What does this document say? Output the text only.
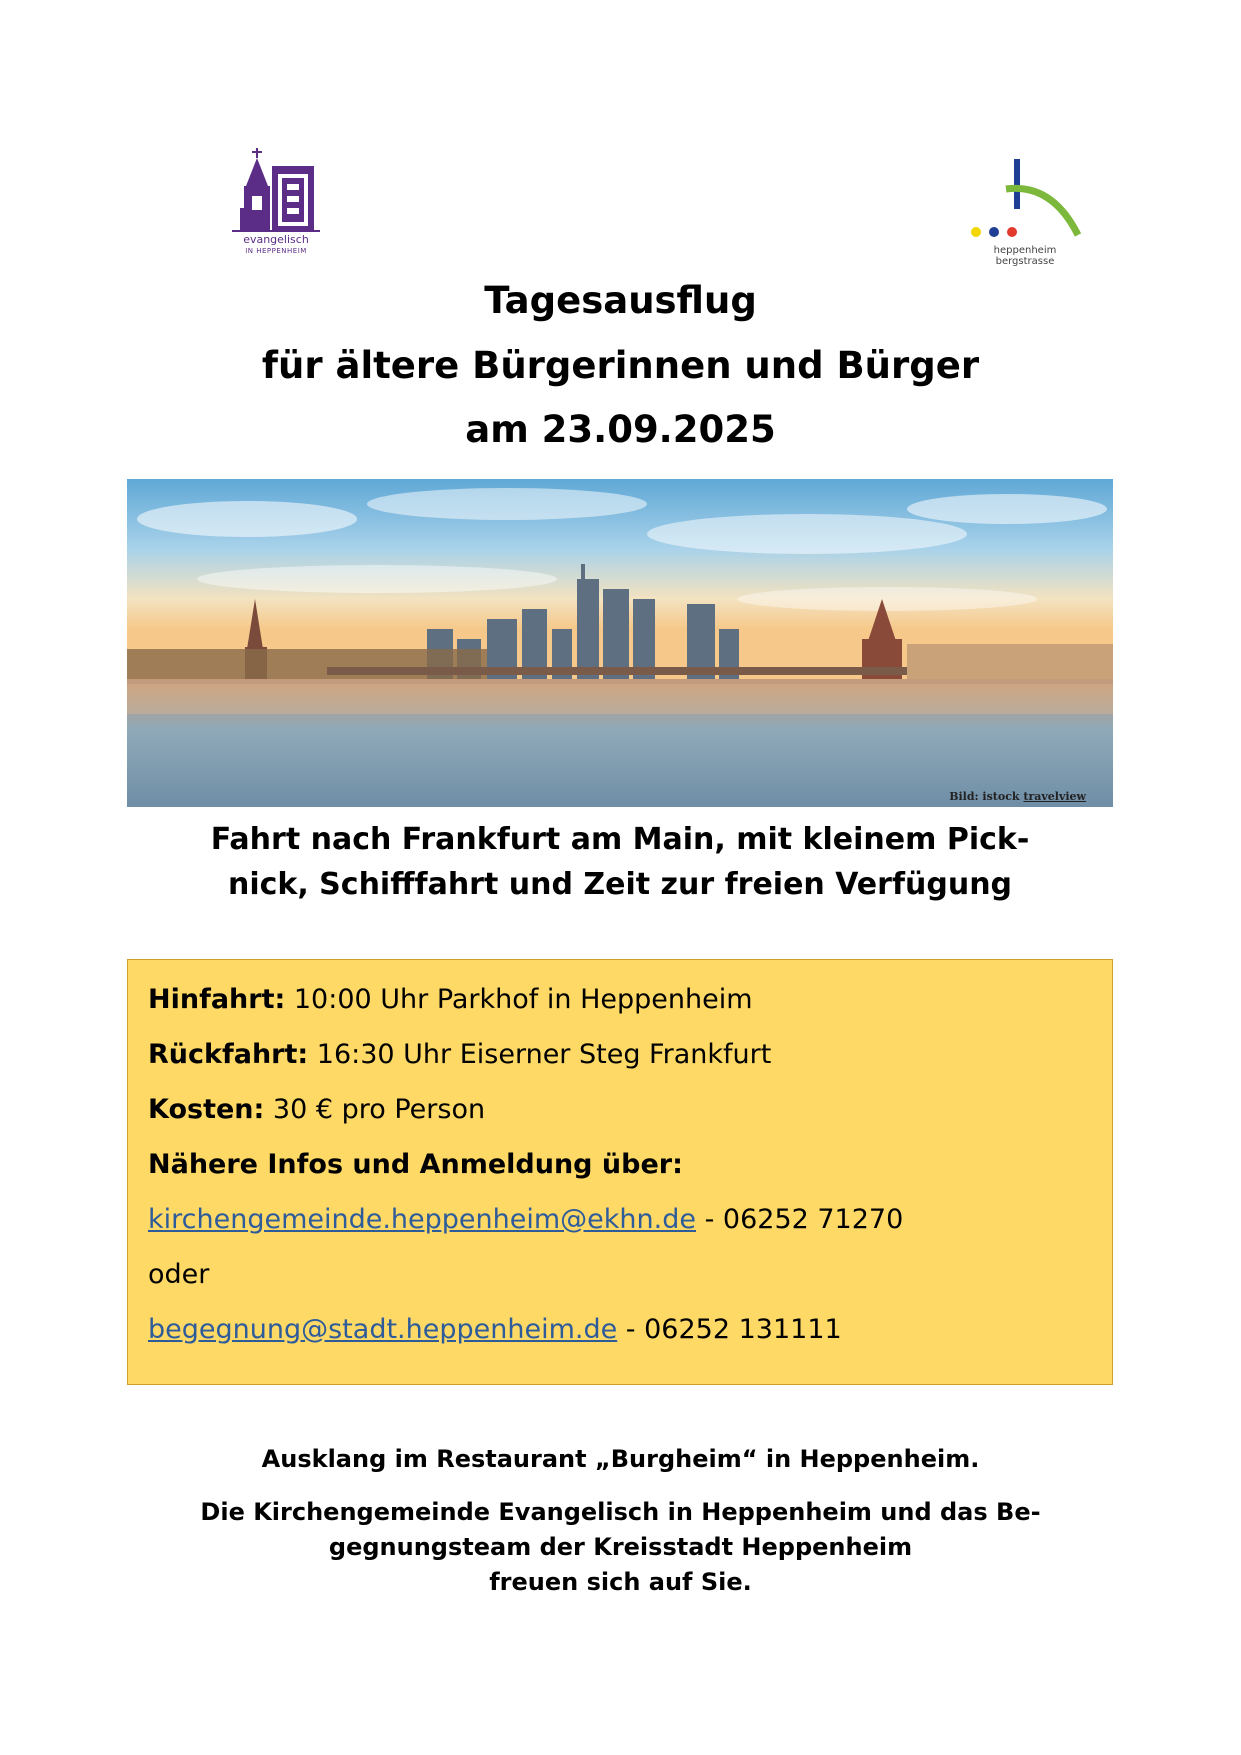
evangelisch
IN HEPPENHEIM	heppenheim bergstrasse
Tagesausflug
für ältere Bürgerinnen und Bürger
am 23.09.2025
Bild: istock travelview
Fahrt nach Frankfurt am Main, mit kleinem Pick-
nick, Schifffahrt und Zeit zur freien Verfügung
Hinfahrt: 10:00 Uhr Parkhof in Heppenheim
Rückfahrt: 16:30 Uhr Eiserner Steg Frankfurt
Kosten: 30 € pro Person
Nähere Infos und Anmeldung über:
kirchengemeinde.heppenheim@ekhn.de - 06252 71270
oder
begegnung@stadt.heppenheim.de - 06252 131111
Ausklang im Restaurant „Burgheim“ in Heppenheim.
Die Kirchengemeinde Evangelisch in Heppenheim und das Be-
gegnungsteam der Kreisstadt Heppenheim
freuen sich auf Sie.
